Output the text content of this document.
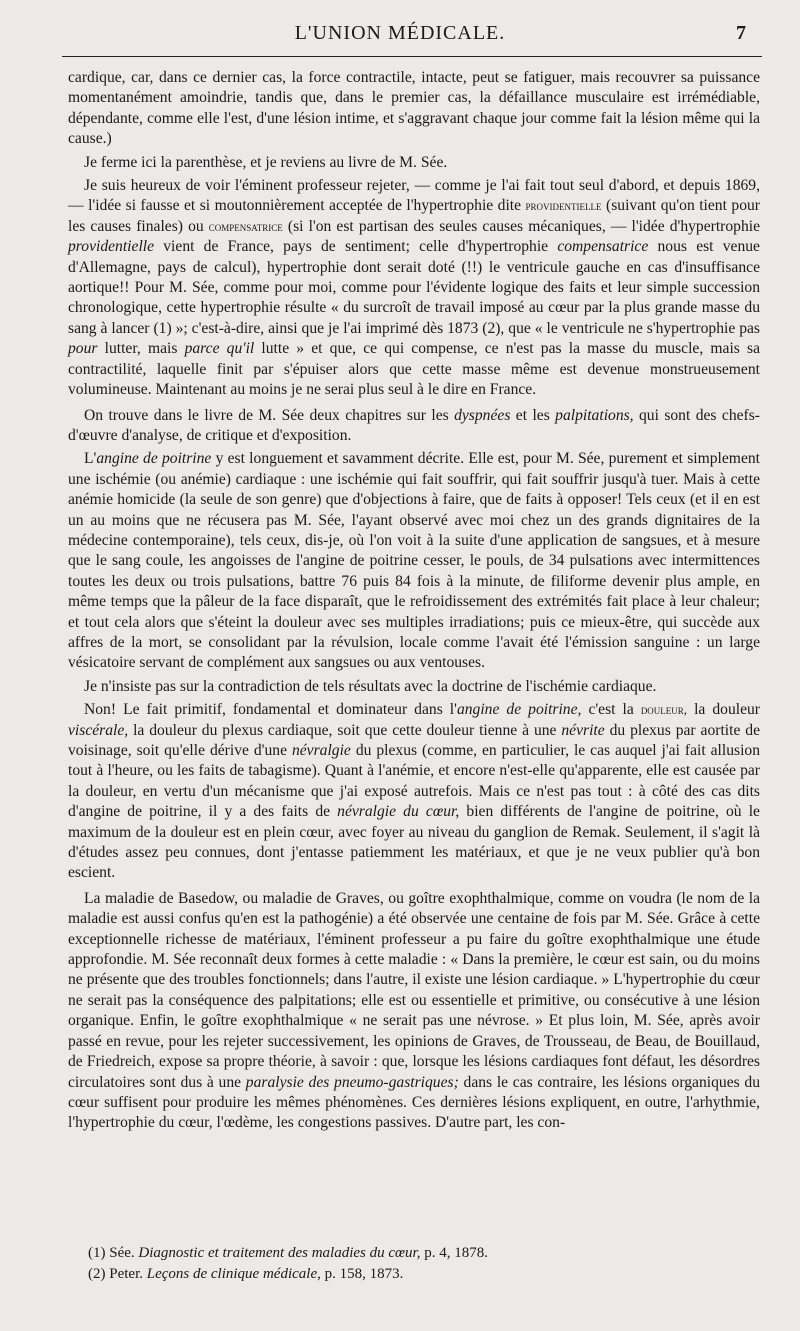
L'UNION MÉDICALE.	7

cardique, car, dans ce dernier cas, la force contractile, intacte, peut se fatiguer, mais recouvrer sa puissance momentanément amoindrie, tandis que, dans le premier cas, la défaillance musculaire est irrémédiable, dépendante, comme elle l'est, d'une lésion intime, et s'aggravant chaque jour comme fait la lésion même qui la cause.)

Je ferme ici la parenthèse, et je reviens au livre de M. Sée.

Je suis heureux de voir l'éminent professeur rejeter, — comme je l'ai fait tout seul d'abord, et depuis 1869, — l'idée si fausse et si moutonnièrement acceptée de l'hypertrophie dite providentielle (suivant qu'on tient pour les causes finales) ou compensatrice (si l'on est partisan des seules causes mécaniques, — l'idée d'hypertrophie providentielle vient de France, pays de sentiment; celle d'hypertrophie compensatrice nous est venue d'Allemagne, pays de calcul), hypertrophie dont serait doté (!!) le ventricule gauche en cas d'insuffisance aortique!! Pour M. Sée, comme pour moi, comme pour l'évidente logique des faits et leur simple succession chronologique, cette hypertrophie résulte « du surcroît de travail imposé au cœur par la plus grande masse du sang à lancer (1) »; c'est-à-dire, ainsi que je l'ai imprimé dès 1873 (2), que « le ventricule ne s'hypertrophie pas pour lutter, mais parce qu'il lutte » et que, ce qui compense, ce n'est pas la masse du muscle, mais sa contractilité, laquelle finit par s'épuiser alors que cette masse même est devenue monstrueusement volumineuse. Maintenant au moins je ne serai plus seul à le dire en France.

On trouve dans le livre de M. Sée deux chapitres sur les dyspnées et les palpitations, qui sont des chefs-d'œuvre d'analyse, de critique et d'exposition.

L'angine de poitrine y est longuement et savamment décrite. Elle est, pour M. Sée, purement et simplement une ischémie (ou anémie) cardiaque : une ischémie qui fait souffrir, qui fait souffrir jusqu'à tuer. Mais à cette anémie homicide (la seule de son genre) que d'objections à faire, que de faits à opposer! Tels ceux (et il en est un au moins que ne récusera pas M. Sée, l'ayant observé avec moi chez un des grands dignitaires de la médecine contemporaine), tels ceux, dis-je, où l'on voit à la suite d'une application de sangsues, et à mesure que le sang coule, les angoisses de l'angine de poitrine cesser, le pouls, de 34 pulsations avec intermittences toutes les deux ou trois pulsations, battre 76 puis 84 fois à la minute, de filiforme devenir plus ample, en même temps que la pâleur de la face disparaît, que le refroidissement des extrémités fait place à leur chaleur; et tout cela alors que s'éteint la douleur avec ses multiples irradiations; puis ce mieux-être, qui succède aux affres de la mort, se consolidant par la révulsion, locale comme l'avait été l'émission sanguine : un large vésicatoire servant de complément aux sangsues ou aux ventouses.

Je n'insiste pas sur la contradiction de tels résultats avec la doctrine de l'ischémie cardiaque.

Non! Le fait primitif, fondamental et dominateur dans l'angine de poitrine, c'est la douleur, la douleur viscérale, la douleur du plexus cardiaque, soit que cette douleur tienne à une névrite du plexus par aortite de voisinage, soit qu'elle dérive d'une névralgie du plexus (comme, en particulier, le cas auquel j'ai fait allusion tout à l'heure, ou les faits de tabagisme). Quant à l'anémie, et encore n'est-elle qu'apparente, elle est causée par la douleur, en vertu d'un mécanisme que j'ai exposé autrefois. Mais ce n'est pas tout : à côté des cas dits d'angine de poitrine, il y a des faits de névralgie du cœur, bien différents de l'angine de poitrine, où le maximum de la douleur est en plein cœur, avec foyer au niveau du ganglion de Remak. Seulement, il s'agit là d'études assez peu connues, dont j'entasse patiemment les matériaux, et que je ne veux publier qu'à bon escient.

La maladie de Basedow, ou maladie de Graves, ou goître exophthalmique, comme on voudra (le nom de la maladie est aussi confus qu'en est la pathogénie) a été observée une centaine de fois par M. Sée. Grâce à cette exceptionnelle richesse de matériaux, l'éminent professeur a pu faire du goître exophthalmique une étude approfondie. M. Sée reconnaît deux formes à cette maladie : « Dans la première, le cœur est sain, ou du moins ne présente que des troubles fonctionnels; dans l'autre, il existe une lésion cardiaque. » L'hypertrophie du cœur ne serait pas la conséquence des palpitations; elle est ou essentielle et primitive, ou consécutive à une lésion organique. Enfin, le goître exophthalmique « ne serait pas une névrose. » Et plus loin, M. Sée, après avoir passé en revue, pour les rejeter successivement, les opinions de Graves, de Trousseau, de Beau, de Bouillaud, de Friedreich, expose sa propre théorie, à savoir : que, lorsque les lésions cardiaques font défaut, les désordres circulatoires sont dus à une paralysie des pneumo-gastriques; dans le cas contraire, les lésions organiques du cœur suffisent pour produire les mêmes phénomènes. Ces dernières lésions expliquent, en outre, l'arhythmie, l'hypertrophie du cœur, l'œdème, les congestions passives. D'autre part, les con-

(1) Sée. Diagnostic et traitement des maladies du cœur, p. 4, 1878.
(2) Peter. Leçons de clinique médicale, p. 158, 1873.
